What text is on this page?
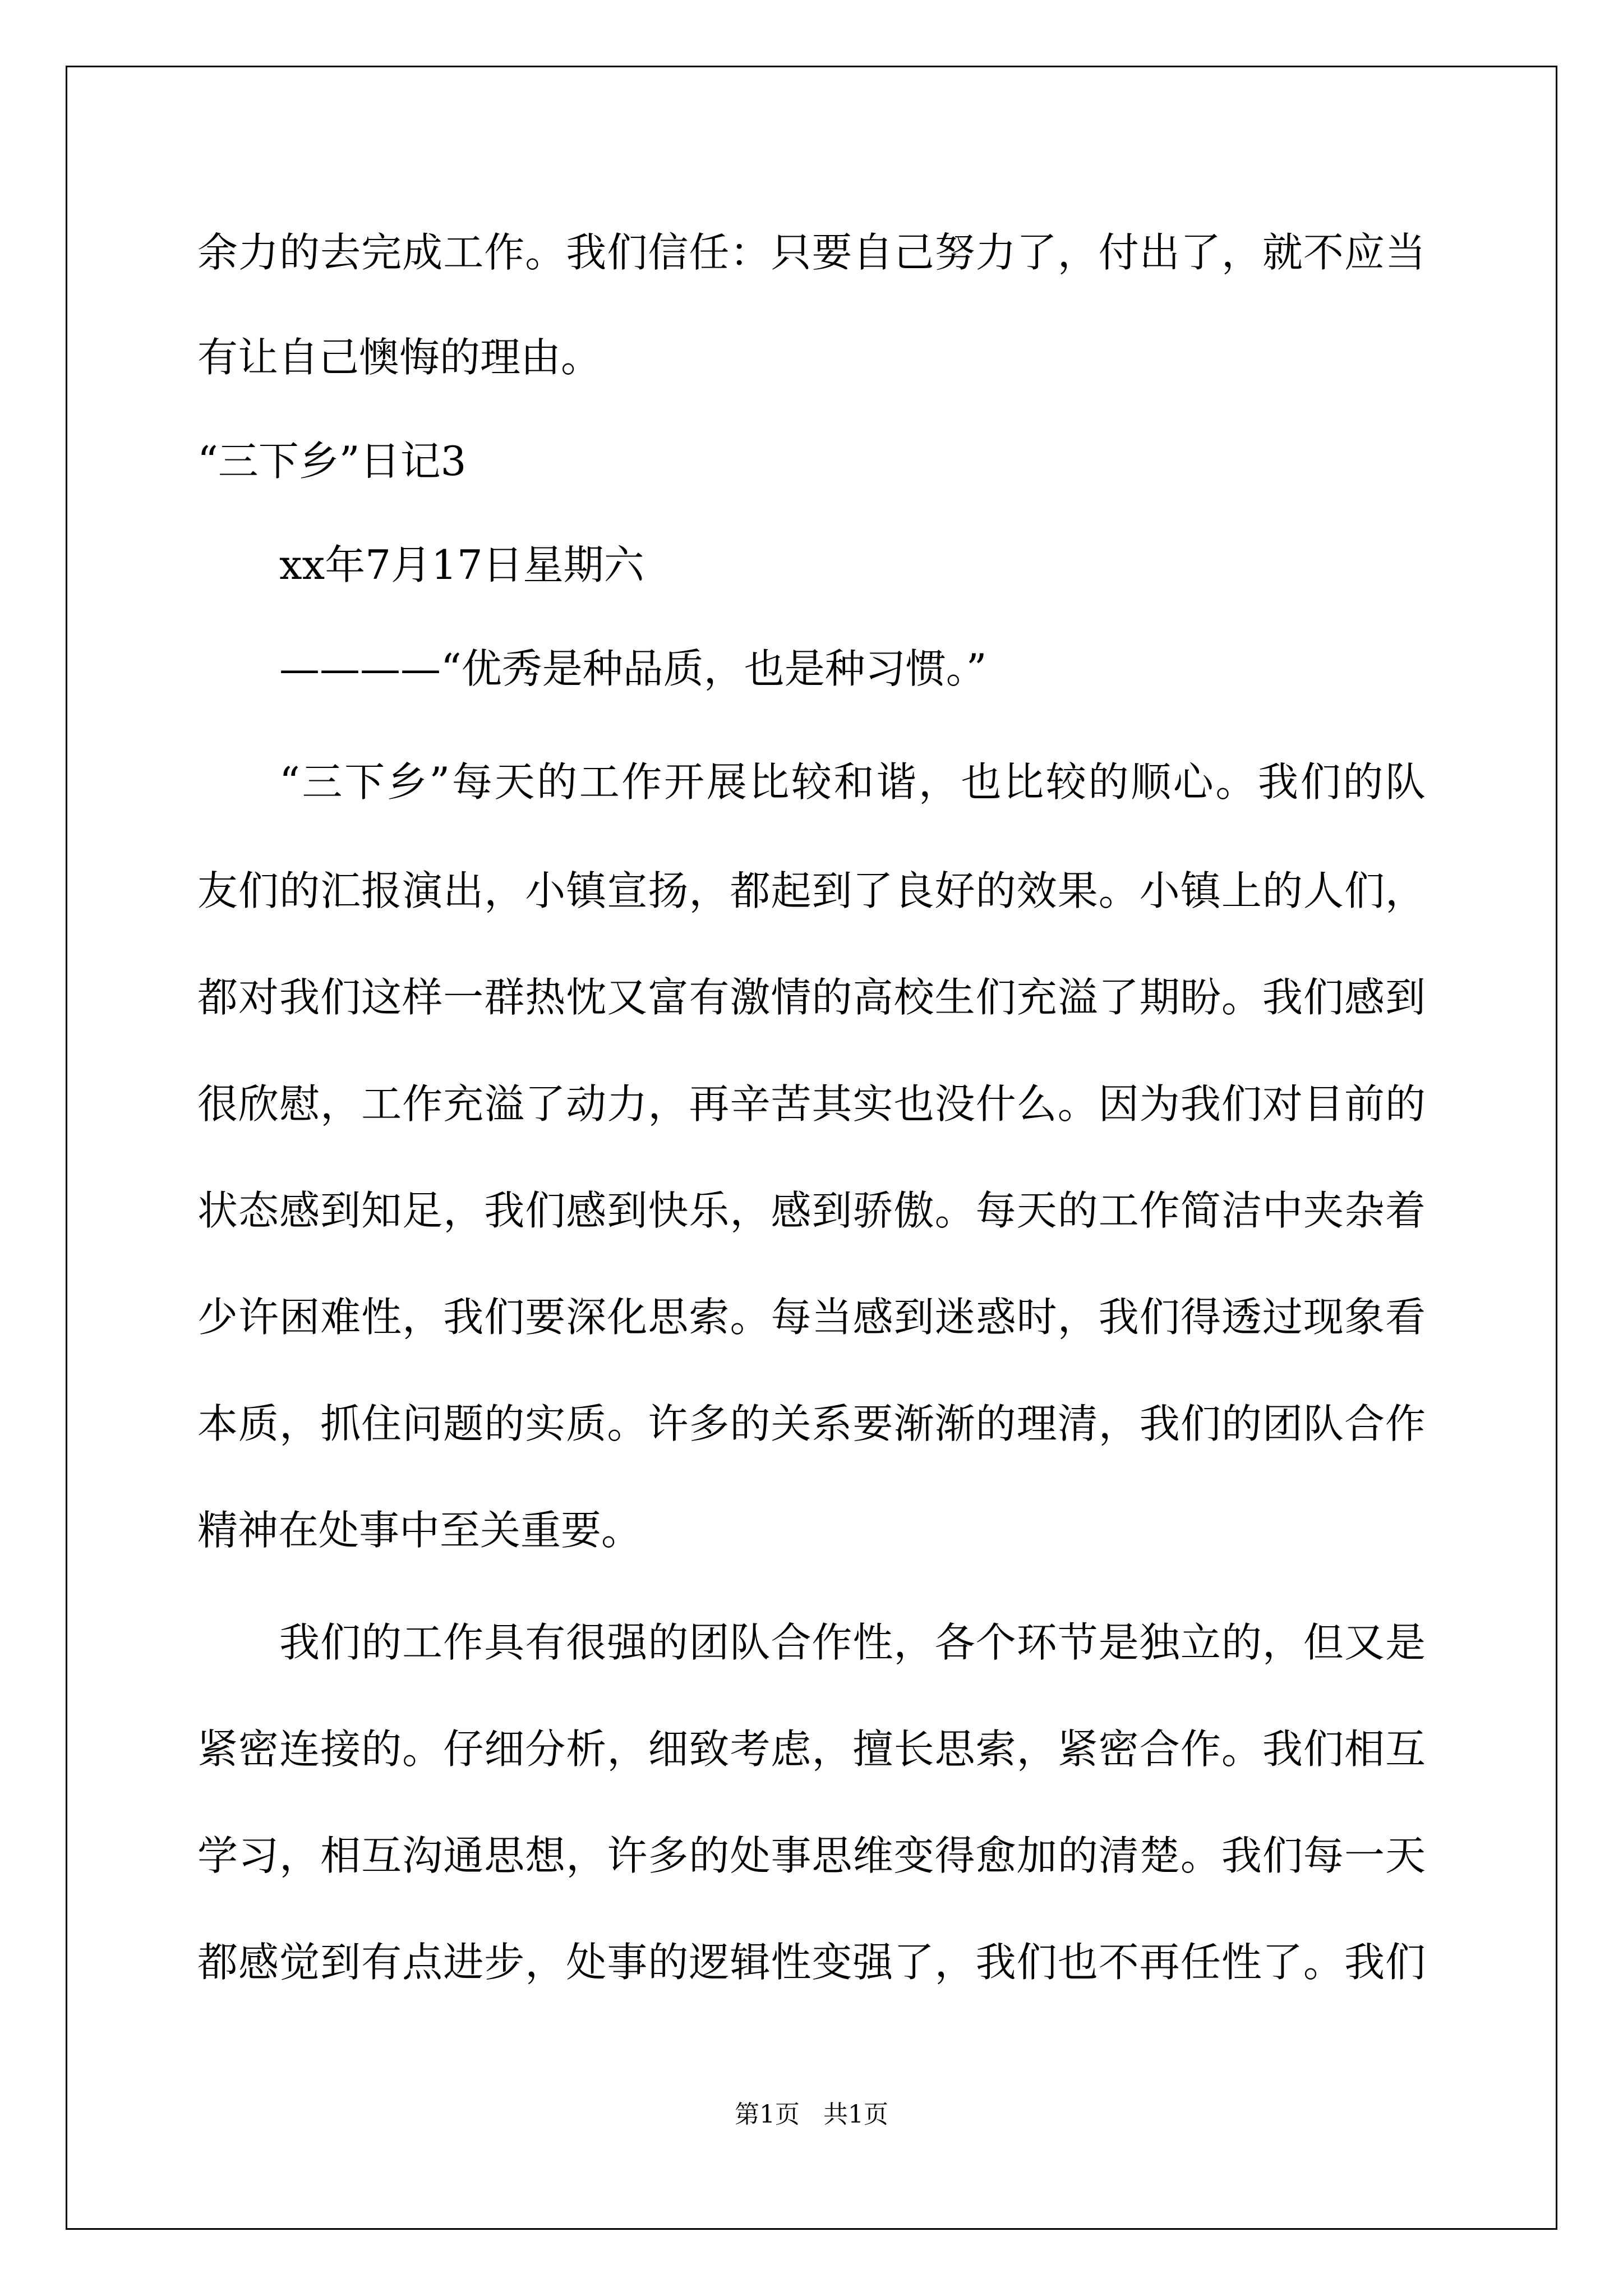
余力的去完成工作。我们信任：只要自己努力了，付出了，就不应当
有让自己懊悔的理由。
“三下乡”日记3
xx年7月17日星期六
————“优秀是种品质，也是种习惯。”
“三下乡”每天的工作开展比较和谐，也比较的顺心。我们的队
友们的汇报演出，小镇宣扬，都起到了良好的效果。小镇上的人们，
都对我们这样一群热忱又富有激情的高校生们充溢了期盼。我们感到
很欣慰，工作充溢了动力，再辛苦其实也没什么。因为我们对目前的
状态感到知足，我们感到快乐，感到骄傲。每天的工作简洁中夹杂着
少许困难性，我们要深化思索。每当感到迷惑时，我们得透过现象看
本质，抓住问题的实质。许多的关系要渐渐的理清，我们的团队合作
精神在处事中至关重要。
我们的工作具有很强的团队合作性，各个环节是独立的，但又是
紧密连接的。仔细分析，细致考虑，擅长思索，紧密合作。我们相互
学习，相互沟通思想，许多的处事思维变得愈加的清楚。我们每一天
都感觉到有点进步，处事的逻辑性变强了，我们也不再任性了。我们
第1页   共1页
